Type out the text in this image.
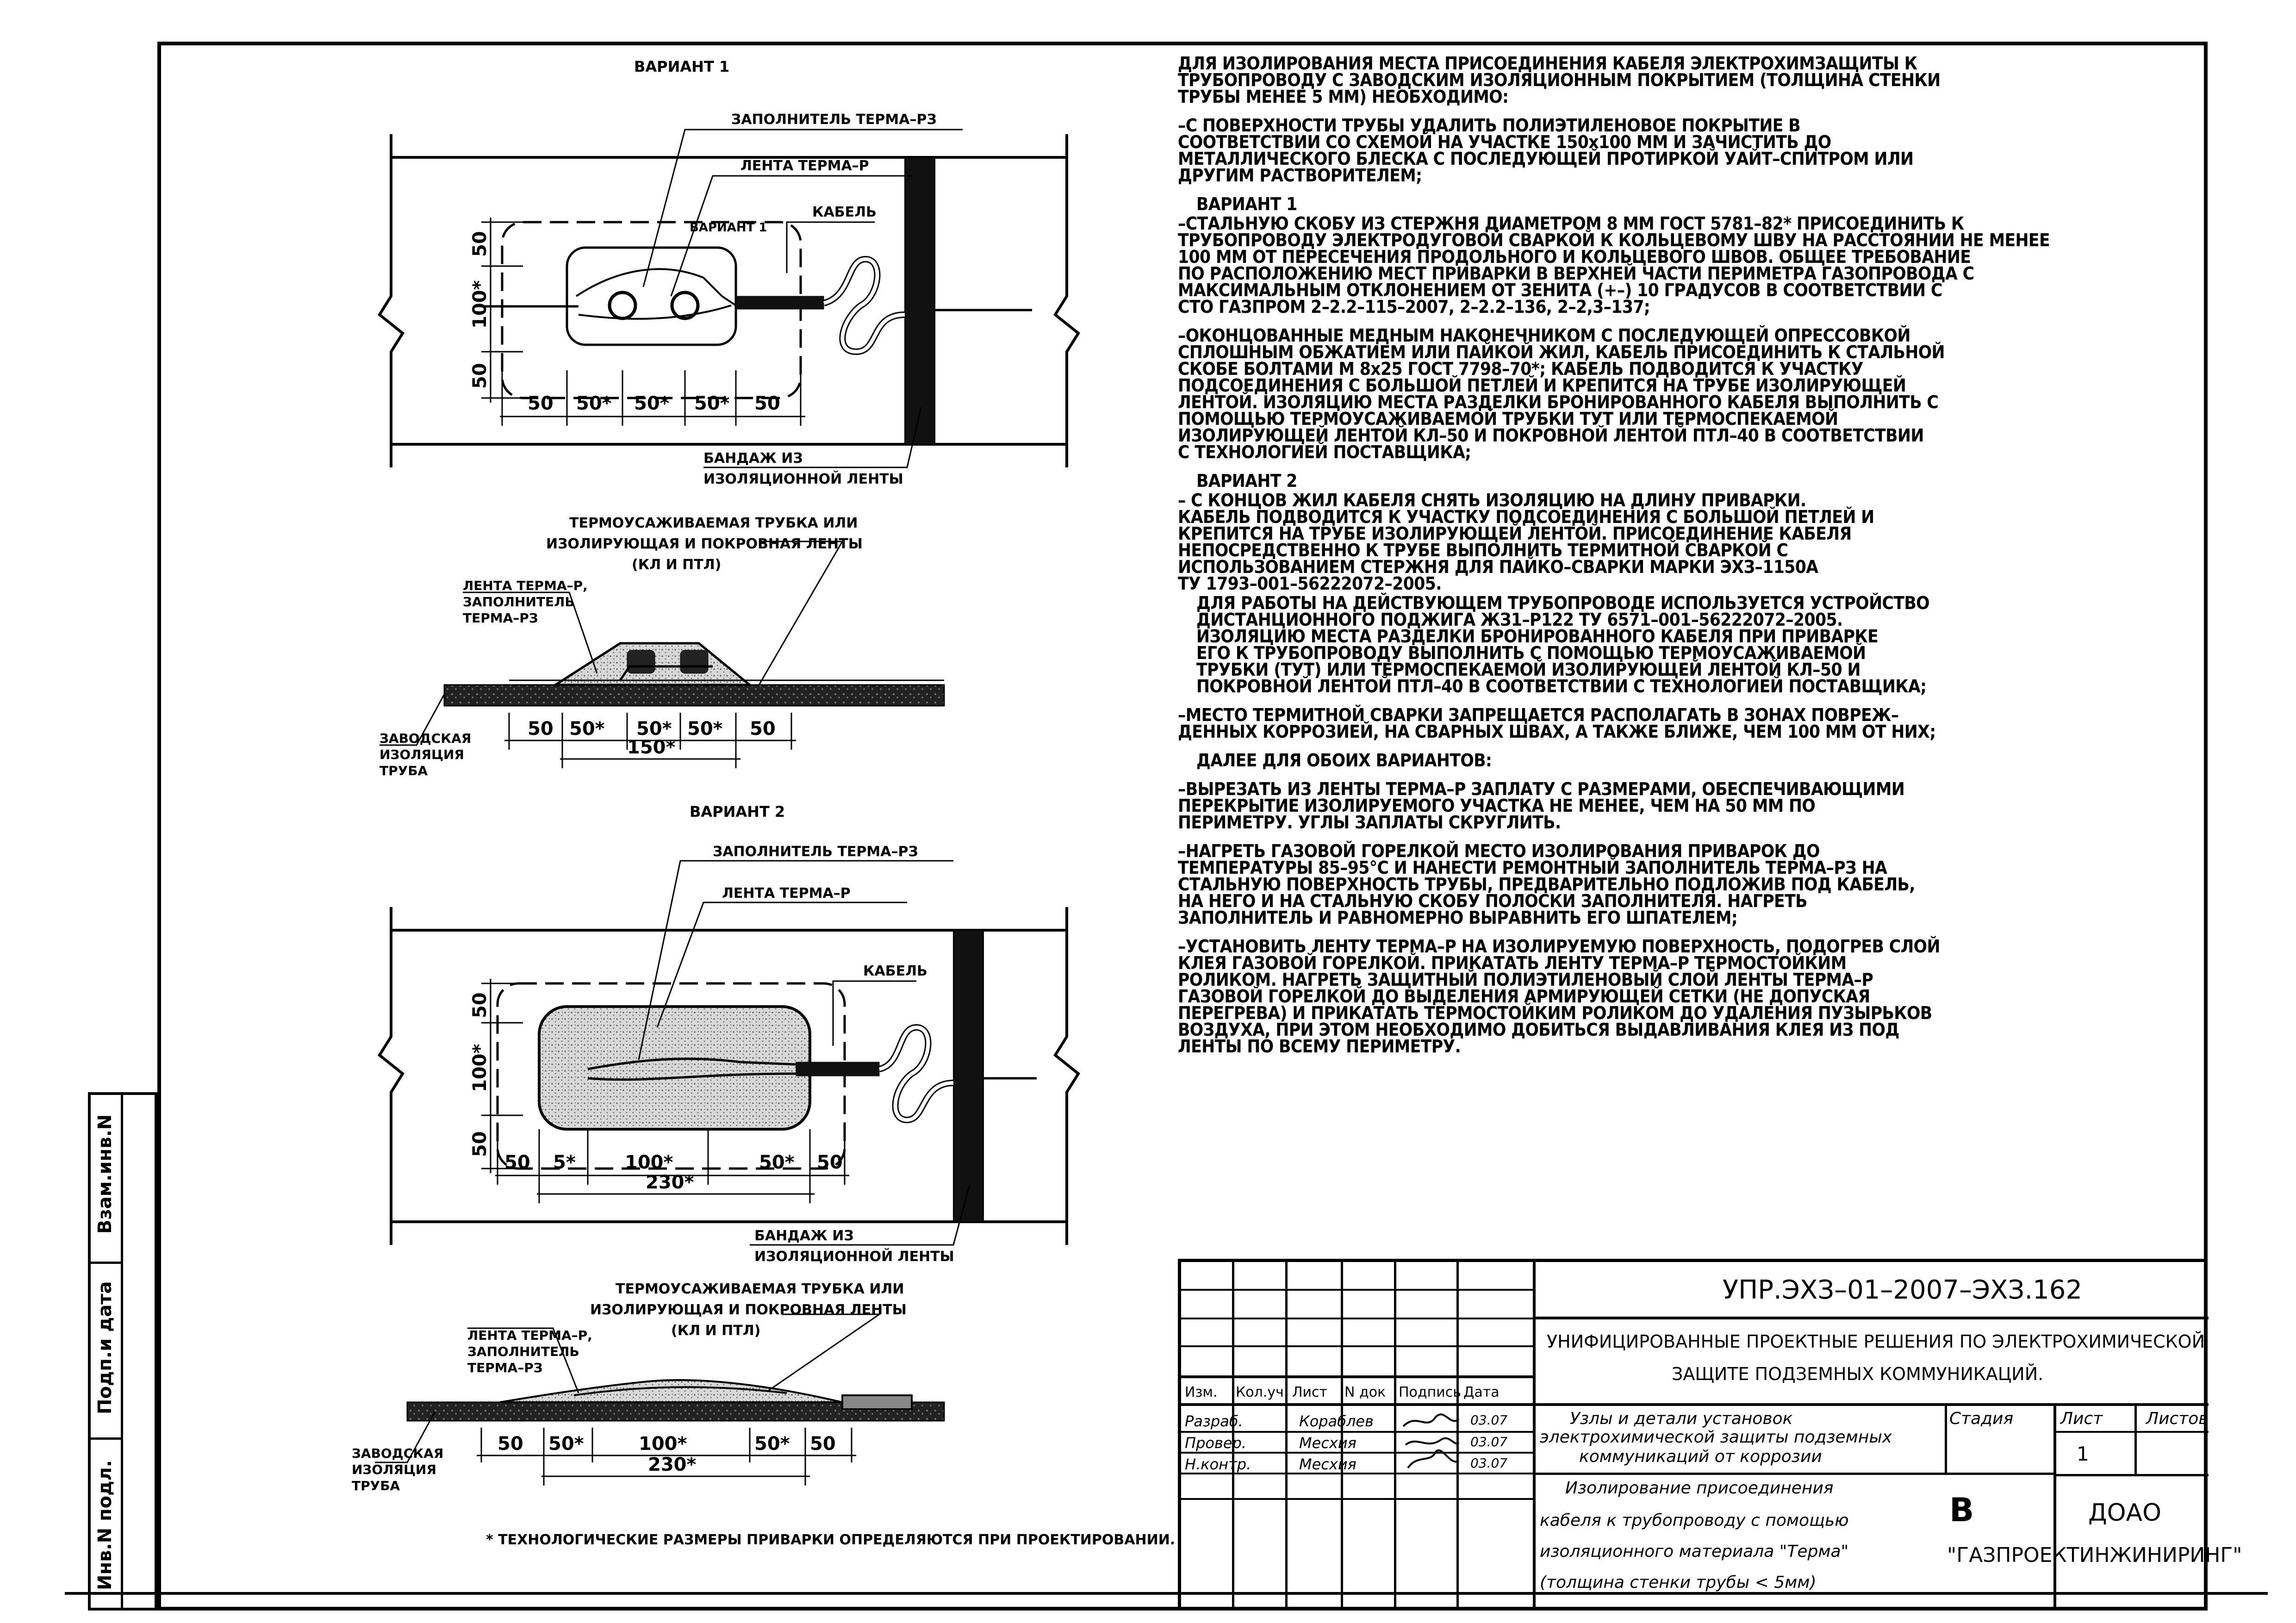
Взам.инв.N
Подп.и дата
Инв.N подл.
ВАРИАНТ 1
ЗАПОЛНИТЕЛЬ ТЕРМА–РЗ
ЛЕНТА ТЕРМА–Р
КАБЕЛЬ
ВАРИАНТ 1
БАНДАЖ ИЗ
ИЗОЛЯЦИОННОЙ ЛЕНТЫ
50
100*
50
50 50* 50* 50* 50
ТЕРМОУСАЖИВАЕМАЯ ТРУБКА ИЛИ
ИЗОЛИРУЮЩАЯ И ПОКРОВНАЯ ЛЕНТЫ
(КЛ И ПТЛ)
ЛЕНТА ТЕРМА–Р,
ЗАПОЛНИТЕЛЬ
ТЕРМА–РЗ
ЗАВОДСКАЯ
ИЗОЛЯЦИЯ
ТРУБА
50 50* 50* 50* 50
150*
ВАРИАНТ 2
ЗАПОЛНИТЕЛЬ ТЕРМА–РЗ
ЛЕНТА ТЕРМА–Р
КАБЕЛЬ
БАНДАЖ ИЗ
ИЗОЛЯЦИОННОЙ ЛЕНТЫ
50
100*
50
50 5*	100*	50* 50
230*
ТЕРМОУСАЖИВАЕМАЯ ТРУБКА ИЛИ
ИЗОЛИРУЮЩАЯ И ПОКРОВНАЯ ЛЕНТЫ
(КЛ И ПТЛ)
ЛЕНТА ТЕРМА–Р,
ЗАПОЛНИТЕЛЬ
ТЕРМА–РЗ
ЗАВОДСКАЯ
ИЗОЛЯЦИЯ
ТРУБА
50 50*	100*	50* 50
230*
* ТЕХНОЛОГИЧЕСКИЕ РАЗМЕРЫ ПРИВАРКИ ОПРЕДЕЛЯЮТСЯ ПРИ ПРОЕКТИРОВАНИИ.

ДЛЯ ИЗОЛИРОВАНИЯ МЕСТА ПРИСОЕДИНЕНИЯ КАБЕЛЯ ЭЛЕКТРОХИМЗАЩИТЫ К
ТРУБОПРОВОДУ С ЗАВОДСКИМ ИЗОЛЯЦИОННЫМ ПОКРЫТИЕМ (ТОЛЩИНА СТЕНКИ
ТРУБЫ МЕНЕЕ 5 ММ) НЕОБХОДИМО:

–С ПОВЕРХНОСТИ ТРУБЫ УДАЛИТЬ ПОЛИЭТИЛЕНОВОЕ ПОКРЫТИЕ В
СООТВЕТСТВИИ СО СХЕМОЙ НА УЧАСТКЕ 150х100 ММ И ЗАЧИСТИТЬ ДО
МЕТАЛЛИЧЕСКОГО БЛЕСКА С ПОСЛЕДУЮЩЕЙ ПРОТИРКОЙ УАЙТ–СПИТРОМ ИЛИ
ДРУГИМ РАСТВОРИТЕЛЕМ;

ВАРИАНТ 1

–СТАЛЬНУЮ СКОБУ ИЗ СТЕРЖНЯ ДИАМЕТРОМ 8 ММ ГОСТ 5781–82* ПРИСОЕДИНИТЬ К
ТРУБОПРОВОДУ ЭЛЕКТРОДУГОВОЙ СВАРКОЙ К КОЛЬЦЕВОМУ ШВУ НА РАССТОЯНИИ НЕ МЕНЕЕ
100 ММ ОТ ПЕРЕСЕЧЕНИЯ ПРОДОЛЬНОГО И КОЛЬЦЕВОГО ШВОВ. ОБЩЕЕ ТРЕБОВАНИЕ
ПО РАСПОЛОЖЕНИЮ МЕСТ ПРИВАРКИ В ВЕРХНЕЙ ЧАСТИ ПЕРИМЕТРА ГАЗОПРОВОДА С
МАКСИМАЛЬНЫМ ОТКЛОНЕНИЕМ ОТ ЗЕНИТА (+–) 10 ГРАДУСОВ В СООТВЕТСТВИИ С
СТО ГАЗПРОМ 2–2.2–115–2007, 2–2.2–136, 2–2,3–137;

–ОКОНЦОВАННЫЕ МЕДНЫМ НАКОНЕЧНИКОМ С ПОСЛЕДУЮЩЕЙ ОПРЕССОВКОЙ
СПЛОШНЫМ ОБЖАТИЕМ ИЛИ ПАЙКОЙ ЖИЛ, КАБЕЛЬ ПРИСОЕДИНИТЬ К СТАЛЬНОЙ
СКОБЕ БОЛТАМИ М 8х25 ГОСТ 7798–70*; КАБЕЛЬ ПОДВОДИТСЯ К УЧАСТКУ
ПОДСОЕДИНЕНИЯ С БОЛЬШОЙ ПЕТЛЕЙ И КРЕПИТСЯ НА ТРУБЕ ИЗОЛИРУЮЩЕЙ
ЛЕНТОЙ. ИЗОЛЯЦИЮ МЕСТА РАЗДЕЛКИ БРОНИРОВАННОГО КАБЕЛЯ ВЫПОЛНИТЬ С
ПОМОЩЬЮ ТЕРМОУСАЖИВАЕМОЙ ТРУБКИ ТУТ ИЛИ ТЕРМОСПЕКАЕМОЙ
ИЗОЛИРУЮЩЕЙ ЛЕНТОЙ КЛ–50 И ПОКРОВНОЙ ЛЕНТОЙ ПТЛ–40 В СООТВЕТСТВИИ
С ТЕХНОЛОГИЕЙ ПОСТАВЩИКА;

ВАРИАНТ 2

– С КОНЦОВ ЖИЛ КАБЕЛЯ СНЯТЬ ИЗОЛЯЦИЮ НА ДЛИНУ ПРИВАРКИ.
КАБЕЛЬ ПОДВОДИТСЯ К УЧАСТКУ ПОДСОЕДИНЕНИЯ С БОЛЬШОЙ ПЕТЛЕЙ И
КРЕПИТСЯ НА ТРУБЕ ИЗОЛИРУЮЩЕЙ ЛЕНТОЙ. ПРИСОЕДИНЕНИЕ КАБЕЛЯ
НЕПОСРЕДСТВЕННО К ТРУБЕ ВЫПОЛНИТЬ ТЕРМИТНОЙ СВАРКОЙ С
ИСПОЛЬЗОВАНИЕМ СТЕРЖНЯ ДЛЯ ПАЙКО–СВАРКИ МАРКИ ЭХЗ–1150А
ТУ 1793–001–56222072–2005.

ДЛЯ РАБОТЫ НА ДЕЙСТВУЮЩЕМ ТРУБОПРОВОДЕ ИСПОЛЬЗУЕТСЯ УСТРОЙСТВО
ДИСТАНЦИОННОГО ПОДЖИГА ЖЗ1–Р122 ТУ 6571–001–56222072–2005.
ИЗОЛЯЦИЮ МЕСТА РАЗДЕЛКИ БРОНИРОВАННОГО КАБЕЛЯ ПРИ ПРИВАРКЕ
ЕГО К ТРУБОПРОВОДУ ВЫПОЛНИТЬ С ПОМОЩЬЮ ТЕРМОУСАЖИВАЕМОЙ
ТРУБКИ (ТУТ) ИЛИ ТЕРМОСПЕКАЕМОЙ ИЗОЛИРУЮЩЕЙ ЛЕНТОЙ КЛ–50 И
ПОКРОВНОЙ ЛЕНТОЙ ПТЛ–40 В СООТВЕТСТВИИ С ТЕХНОЛОГИЕЙ ПОСТАВЩИКА;

–МЕСТО ТЕРМИТНОЙ СВАРКИ ЗАПРЕЩАЕТСЯ РАСПОЛАГАТЬ В ЗОНАХ ПОВРЕЖ–
ДЕННЫХ КОРРОЗИЕЙ, НА СВАРНЫХ ШВАХ, А ТАКЖЕ БЛИЖЕ, ЧЕМ 100 ММ ОТ НИХ;

ДАЛЕЕ ДЛЯ ОБОИХ ВАРИАНТОВ:

–ВЫРЕЗАТЬ ИЗ ЛЕНТЫ ТЕРМА–Р ЗАПЛАТУ С РАЗМЕРАМИ, ОБЕСПЕЧИВАЮЩИМИ
ПЕРЕКРЫТИЕ ИЗОЛИРУЕМОГО УЧАСТКА НЕ МЕНЕЕ, ЧЕМ НА 50 ММ ПО
ПЕРИМЕТРУ. УГЛЫ ЗАПЛАТЫ СКРУГЛИТЬ.

–НАГРЕТЬ ГАЗОВОЙ ГОРЕЛКОЙ МЕСТО ИЗОЛИРОВАНИЯ ПРИВАРОК ДО
ТЕМПЕРАТУРЫ 85–95°С И НАНЕСТИ РЕМОНТНЫЙ ЗАПОЛНИТЕЛЬ ТЕРМА–РЗ НА
СТАЛЬНУЮ ПОВЕРХНОСТЬ ТРУБЫ, ПРЕДВАРИТЕЛЬНО ПОДЛОЖИВ ПОД КАБЕЛЬ,
НА НЕГО И НА СТАЛЬНУЮ СКОБУ ПОЛОСКИ ЗАПОЛНИТЕЛЯ. НАГРЕТЬ
ЗАПОЛНИТЕЛЬ И РАВНОМЕРНО ВЫРАВНИТЬ ЕГО ШПАТЕЛЕМ;

–УСТАНОВИТЬ ЛЕНТУ ТЕРМА–Р НА ИЗОЛИРУЕМУЮ ПОВЕРХНОСТЬ, ПОДОГРЕВ СЛОЙ
КЛЕЯ ГАЗОВОЙ ГОРЕЛКОЙ. ПРИКАТАТЬ ЛЕНТУ ТЕРМА–Р ТЕРМОСТОЙКИМ
РОЛИКОМ. НАГРЕТЬ ЗАЩИТНЫЙ ПОЛИЭТИЛЕНОВЫЙ СЛОЙ ЛЕНТЫ ТЕРМА–Р
ГАЗОВОЙ ГОРЕЛКОЙ ДО ВЫДЕЛЕНИЯ АРМИРУЮЩЕЙ СЕТКИ (НЕ ДОПУСКАЯ
ПЕРЕГРЕВА) И ПРИКАТАТЬ ТЕРМОСТОЙКИМ РОЛИКОМ ДО УДАЛЕНИЯ ПУЗЫРЬКОВ
ВОЗДУХА, ПРИ ЭТОМ НЕОБХОДИМО ДОБИТЬСЯ ВЫДАВЛИВАНИЯ КЛЕЯ ИЗ ПОД
ЛЕНТЫ ПО ВСЕМУ ПЕРИМЕТРУ.

УПР.ЭХЗ–01–2007–ЭХЗ.162
УНИФИЦИРОВАННЫЕ ПРОЕКТНЫЕ РЕШЕНИЯ ПО ЭЛЕКТРОХИМИЧЕСКОЙ
ЗАЩИТЕ ПОДЗЕМНЫХ КОММУНИКАЦИЙ.
Изм. Кол.уч Лист N док Подпись Дата
Разраб.	Кораблев	03.07
Провер.	Месхия	03.07
Н.контр.	Месхия	03.07
Узлы и детали установок
электрохимической защиты подземных
коммуникаций от коррозии
Изолирование присоединения
кабеля к трубопроводу с помощью
изоляционного материала "Терма"
(толщина стенки трубы < 5мм)
Стадия	Лист	Листов
1
В	ДОАО
"ГАЗПРОЕКТИНЖИНИРИНГ"
